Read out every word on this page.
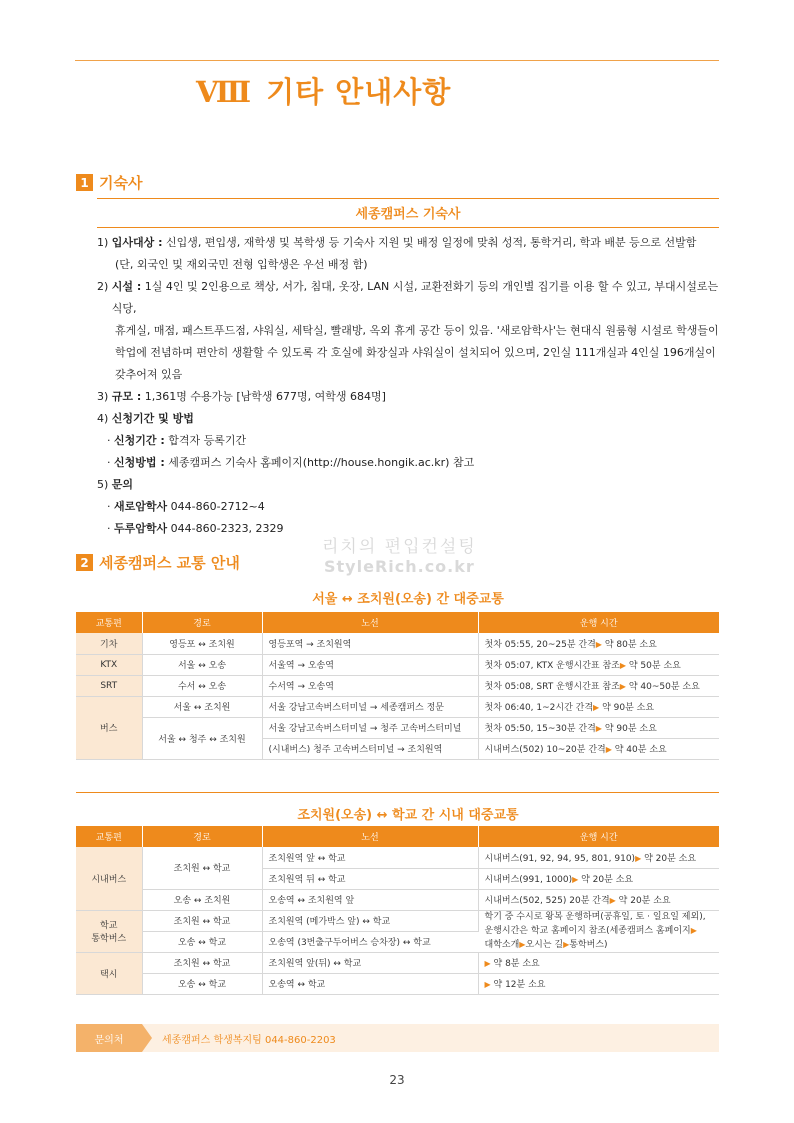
Ⅷ 기타 안내사항
1 기숙사
세종캠퍼스 기숙사
1)
입사대상 : 신입생, 편입생, 재학생 및 복학생 등 기숙사 지원 및 배정 일정에 맞춰 성적, 통학거리, 학과 배분 등으로 선발함
(단, 외국인 및 재외국민 전형 입학생은 우선 배정 함)
2)
시설 : 1실 4인 및 2인용으로 책상, 서가, 침대, 옷장, LAN 시설, 교환전화기 등의 개인별 집기를 이용 할 수 있고, 부대시설로는 식당,
휴게실, 매점, 패스트푸드점, 샤워실, 세탁실, 빨래방, 옥외 휴게 공간 등이 있음. '새로암학사'는 현대식 원룸형 시설로 학생들이
학업에 전념하며 편안히 생활할 수 있도록 각 호실에 화장실과 샤워실이 설치되어 있으며, 2인실 111개실과 4인실 196개실이
갖추어져 있음
3)
규모 : 1,361명 수용가능 [남학생 677명, 여학생 684명]
4)
신청기간 및 방법
· 신청기간 : 합격자 등록기간
· 신청방법 : 세종캠퍼스 기숙사 홈페이지(http://house.hongik.ac.kr) 참고
5)
문의
· 새로암학사 044-860-2712~4
· 두루암학사 044-860-2323, 2329
리치의 편입컨설팅
StyleRich.co.kr
2 세종캠퍼스 교통 안내
서울 ↔ 조치원(오송) 간 대중교통
교통편	경로	노선	운행 시간
기차	영등포 ↔ 조치원	영등포역 → 조치원역	첫차 05:55, 20~25분 간격▶ 약 80분 소요
KTX	서울 ↔ 오송	서울역 → 오송역	첫차 05:07, KTX 운행시간표 참조▶ 약 50분 소요
SRT	수서 ↔ 오송	수서역 → 오송역	첫차 05:08, SRT 운행시간표 참조▶ 약 40~50분 소요
버스	서울 ↔ 조치원	서울 강남고속버스터미널 → 세종캠퍼스 정문	첫차 06:40, 1~2시간 간격▶ 약 90분 소요
	서울 ↔ 청주 ↔ 조치원	서울 강남고속버스터미널 → 청주 고속버스터미널	첫차 05:50, 15~30분 간격▶ 약 90분 소요
		(시내버스) 청주 고속버스터미널 → 조치원역	시내버스(502) 10~20분 간격▶ 약 40분 소요
조치원(오송) ↔ 학교 간 시내 대중교통
교통편	경로	노선	운행 시간
시내버스	조치원 ↔ 학교	조치원역 앞 ↔ 학교	시내버스(91, 92, 94, 95, 801, 910)▶ 약 20분 소요
		조치원역 뒤 ↔ 학교	시내버스(991, 1000)▶ 약 20분 소요
	오송 ↔ 조치원	오송역 ↔ 조치원역 앞	시내버스(502, 525) 20분 간격▶ 약 20분 소요
학교
통학버스	조치원 ↔ 학교	조치원역 (메가박스 앞) ↔ 학교	학기 중 수시로 왕복 운행하며(공휴일, 토 · 일요일 제외),
운행시간은 학교 홈페이지 참조(세종캠퍼스 홈페이지▶
대학소개▶오시는 길▶통학버스)
	오송 ↔ 학교	오송역 (3번출구두어버스 승차장) ↔ 학교	
택시	조치원 ↔ 학교	조치원역 앞(뒤) ↔ 학교	▶ 약 8분 소요
	오송 ↔ 학교	오송역 ↔ 학교	▶ 약 12분 소요
문의처	세종캠퍼스 학생복지팀 044-860-2203
23
